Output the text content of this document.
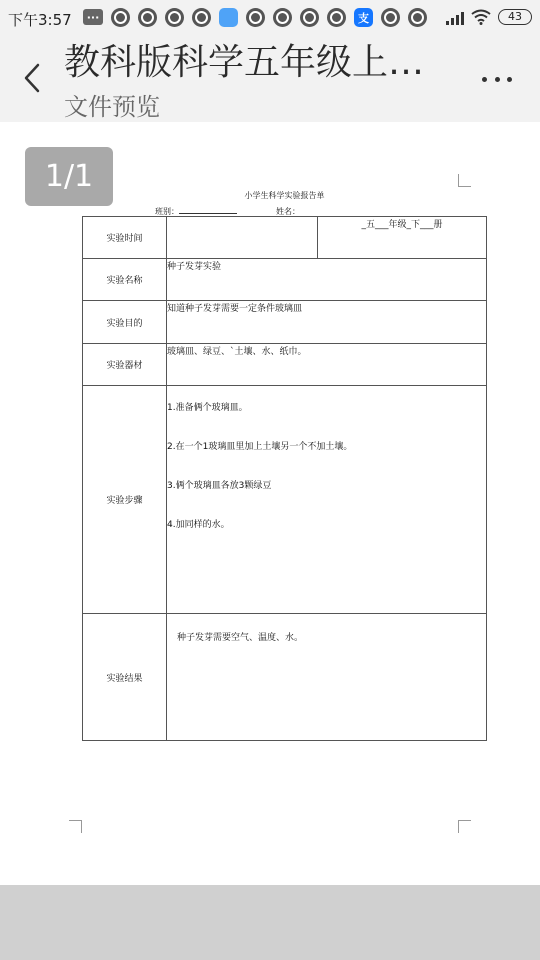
下午3:57	···	支	43
教科版科学五年级上…
文件预览
1/1
小学生科学实验报告单
班别：	姓名：
实验时间		_五___年级_下___册
实验名称	种子发芽实验	
实验目的	知道种子发芽需要一定条件玻璃皿	
实验器材	玻璃皿、绿豆、`土壤、水、纸巾。	
实验步骤	1.准备俩个玻璃皿。
2.在一个1玻璃皿里加上土壤另一个不加土壤。
3.俩个玻璃皿各放3颗绿豆
4.加同样的水。	

实验结果	种子发芽需要空气、温度、水。	
